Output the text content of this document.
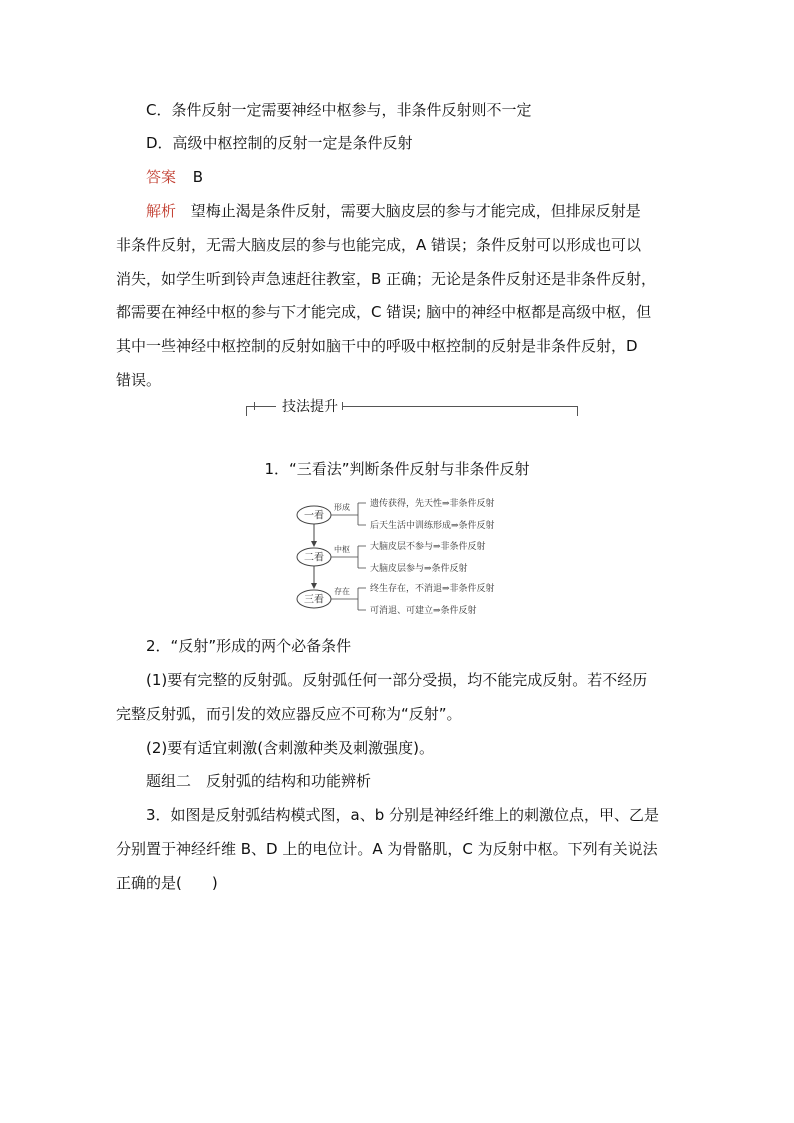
C．条件反射一定需要神经中枢参与，非条件反射则不一定
D．高级中枢控制的反射一定是条件反射
答案 B
解析 望梅止渴是条件反射，需要大脑皮层的参与才能完成，但排尿反射是
非条件反射，无需大脑皮层的参与也能完成，A 错误；条件反射可以形成也可以
消失，如学生听到铃声急速赶往教室，B 正确；无论是条件反射还是非条件反射，
都需要在神经中枢的参与下才能完成，C 错误; 脑中的神经中枢都是高级中枢，但
其中一些神经中枢控制的反射如脑干中的呼吸中枢控制的反射是非条件反射，D
错误。
技法提升
1．“三看法”判断条件反射与非条件反射
一看
形成 遗传获得，先天性⇒非条件反射
后天生活中训练形成⇒条件反射
二看
中枢 大脑皮层不参与⇒非条件反射
大脑皮层参与⇒条件反射
三看
存在 终生存在，不消退⇒非条件反射
可消退、可建立⇒条件反射
2．“反射”形成的两个必备条件
(1)要有完整的反射弧。反射弧任何一部分受损，均不能完成反射。若不经历
完整反射弧，而引发的效应器反应不可称为“反射”。
(2)要有适宜刺激(含刺激种类及刺激强度)。
题组二　反射弧的结构和功能辨析
3．如图是反射弧结构模式图，a、b 分别是神经纤维上的刺激位点，甲、乙是
分别置于神经纤维 B、D 上的电位计。A 为骨骼肌，C 为反射中枢。下列有关说法
正确的是(　　)
